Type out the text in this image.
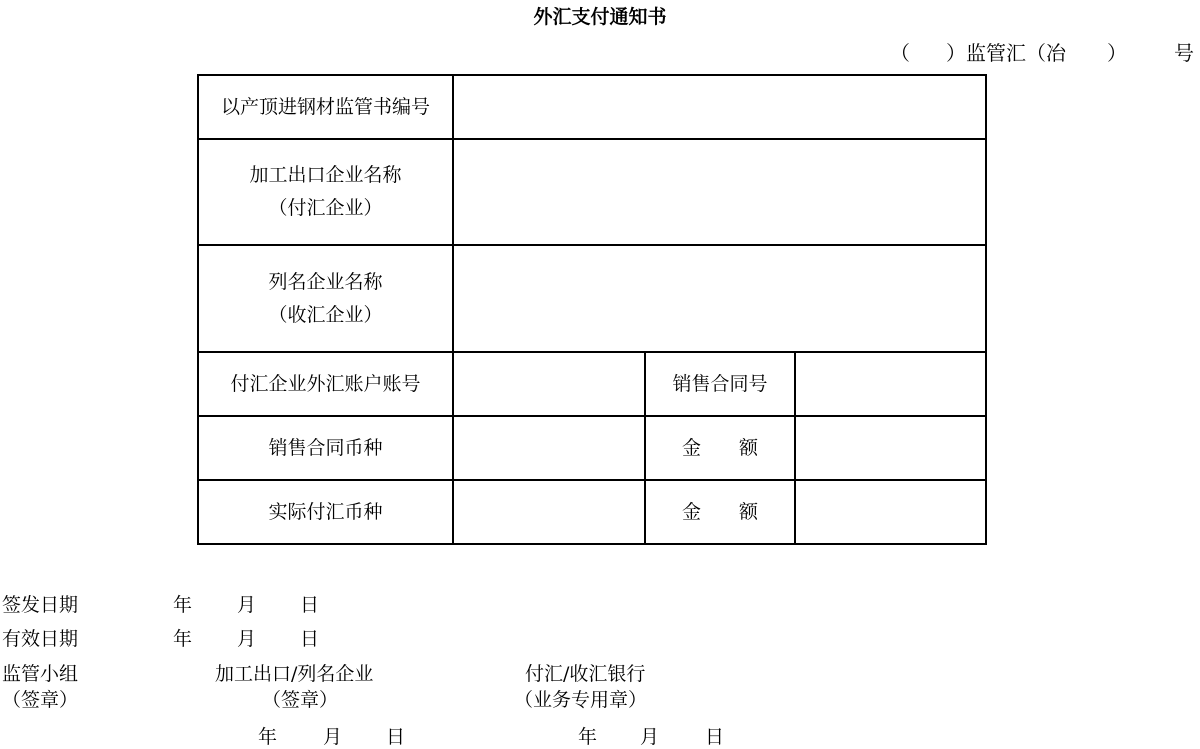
外汇支付通知书
（ ）监管汇（冶 ） 号
以产顶进钢材监管书编号			

加工出口企业名称
（付汇企业）			

列名企业名称
（收汇企业）			

付汇企业外汇账户账号		销售合同号	
销售合同币种		金　　额	
实际付汇币种		金　　额	
签发日期	年 月 日
有效日期	年 月 日
监管小组
（签章）
加工出口/列名企业
（签章）
年 月 日
付汇/收汇银行
（业务专用章）
年 月 日
